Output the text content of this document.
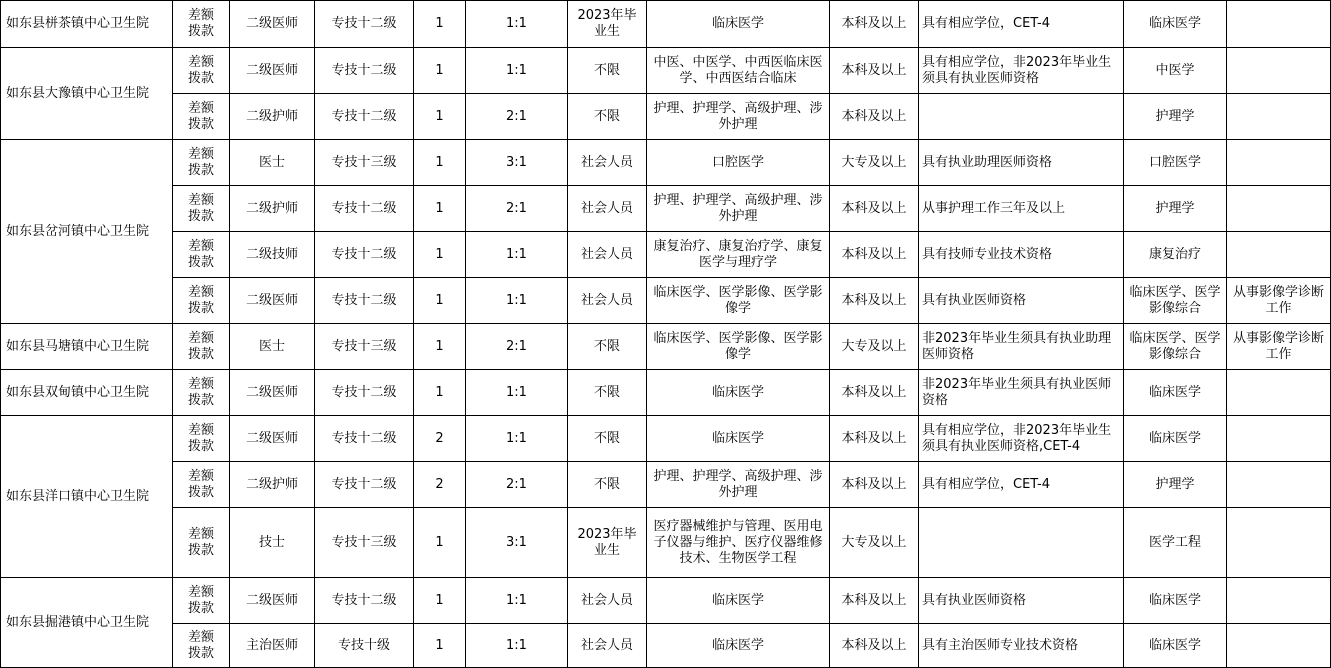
如东县栟茶镇中心卫生院	差额拨款	二级医师	专技十二级	1	1:1	2023年毕业生	临床医学	本科及以上	具有相应学位，CET-4	临床医学	
如东县大豫镇中心卫生院	差额拨款	二级医师	专技十二级	1	1:1	不限	中医、中医学、中西医临床医学、中西医结合临床	本科及以上	具有相应学位，非2023年毕业生须具有执业医师资格	中医学	
	差额拨款	二级护师	专技十二级	1	2:1	不限	护理、护理学、高级护理、涉外护理	本科及以上		护理学	
如东县岔河镇中心卫生院	差额拨款	医士	专技十三级	1	3:1	社会人员	口腔医学	大专及以上	具有执业助理医师资格	口腔医学	
	差额拨款	二级护师	专技十二级	1	2:1	社会人员	护理、护理学、高级护理、涉外护理	本科及以上	从事护理工作三年及以上	护理学	
	差额拨款	二级技师	专技十二级	1	1:1	社会人员	康复治疗、康复治疗学、康复医学与理疗学	本科及以上	具有技师专业技术资格	康复治疗	
	差额拨款	二级医师	专技十二级	1	1:1	社会人员	临床医学、医学影像、医学影像学	本科及以上	具有执业医师资格	临床医学、医学影像综合	从事影像学诊断工作
如东县马塘镇中心卫生院	差额拨款	医士	专技十三级	1	2:1	不限	临床医学、医学影像、医学影像学	大专及以上	非2023年毕业生须具有执业助理医师资格	临床医学、医学影像综合	从事影像学诊断工作
如东县双甸镇中心卫生院	差额拨款	二级医师	专技十二级	1	1:1	不限	临床医学	本科及以上	非2023年毕业生须具有执业医师资格	临床医学	
如东县洋口镇中心卫生院	差额拨款	二级医师	专技十二级	2	1:1	不限	临床医学	本科及以上	具有相应学位，非2023年毕业生须具有执业医师资格,CET-4	临床医学	
	差额拨款	二级护师	专技十二级	2	2:1	不限	护理、护理学、高级护理、涉外护理	本科及以上	具有相应学位，CET-4	护理学	
	差额拨款	技士	专技十三级	1	3:1	2023年毕业生	医疗器械维护与管理、医用电子仪器与维护、医疗仪器维修技术、生物医学工程	大专及以上		医学工程	
如东县掘港镇中心卫生院	差额拨款	二级医师	专技十二级	1	1:1	社会人员	临床医学	本科及以上	具有执业医师资格	临床医学	
	差额拨款	主治医师	专技十级	1	1:1	社会人员	临床医学	本科及以上	具有主治医师专业技术资格	临床医学	
